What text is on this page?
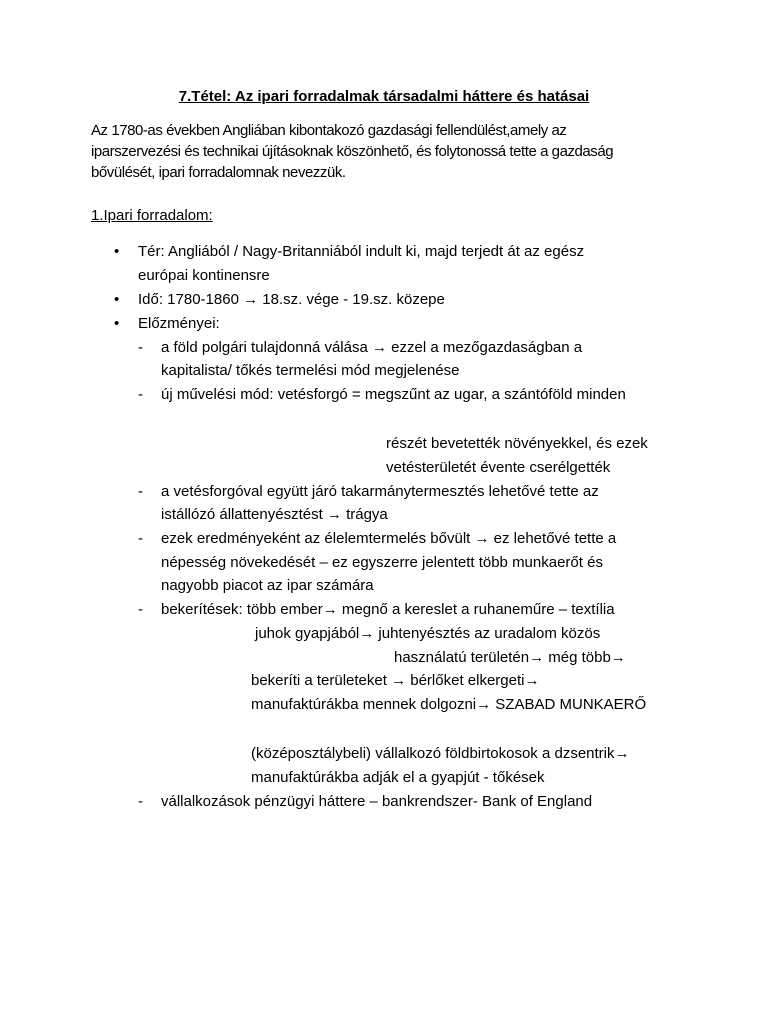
7.Tétel: Az ipari forradalmak társadalmi háttere és hatásai
Az 1780-as években Angliában kibontakozó gazdasági fellendülést,amely az
iparszervezési és technikai újításoknak köszönhető, és folytonossá tette a gazdaság
bővülését, ipari forradalomnak nevezzük.
1.Ipari forradalom:
• Tér: Angliából / Nagy-Britanniából indult ki, majd terjedt át az egész
európai kontinensre
• Idő: 1780-1860 → 18.sz. vége - 19.sz. közepe
• Előzményei:
- a föld polgári tulajdonná válása → ezzel a mezőgazdaságban a
kapitalista/ tőkés termelési mód megjelenése
- új művelési mód: vetésforgó = megszűnt az ugar, a szántóföld minden
részét bevetették növényekkel, és ezek
vetésterületét évente cserélgették
- a vetésforgóval együtt járó takarmánytermesztés lehetővé tette az
istállózó állattenyésztést → trágya
- ezek eredményeként az élelemtermelés bővült → ez lehetővé tette a
népesség növekedését – ez egyszerre jelentett több munkaerőt és
nagyobb piacot az ipar számára
- bekerítések: több ember→ megnő a kereslet a ruhaneműre – textília
juhok gyapjából→ juhtenyésztés az uradalom közös
használatú területén→ még több→
bekeríti a területeket → bérlőket elkergeti→
manufaktúrákba mennek dolgozni→ SZABAD MUNKAERŐ
(középosztálybeli) vállalkozó földbirtokosok a dzsentrik→
manufaktúrákba adják el a gyapjút - tőkések
- vállalkozások pénzügyi háttere – bankrendszer- Bank of England
